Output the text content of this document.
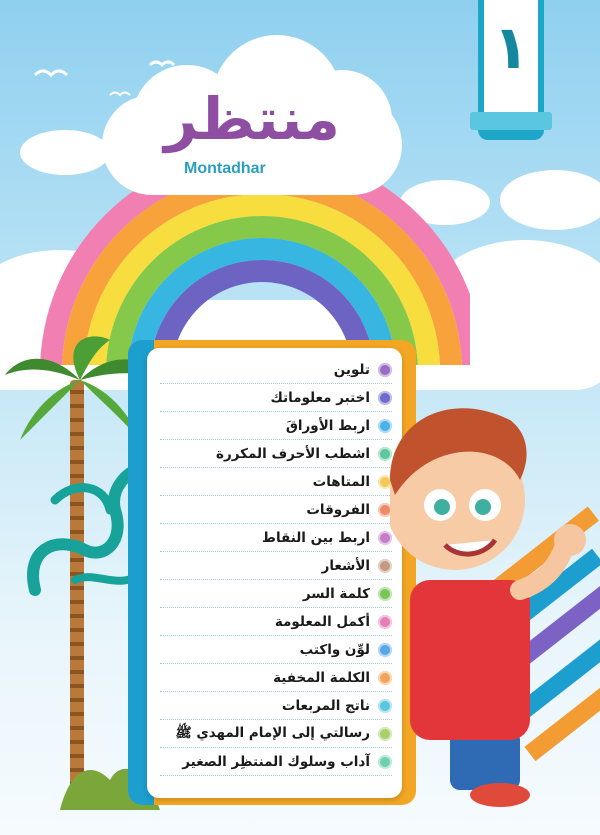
منتظر
Montadhar
١
تلوين
اختبر معلوماتك
اربط الأوراقَ
اشطب الأحرف المكررة
المتاهات
الفروقات
اربط بين النقاط
الأشعار
كلمة السر
أكمل المعلومة
لوِّن واكتب
الكلمة المخفية
ناتج المربعات
رسالتي إلى الإمام المهدي ﷺ
آداب وسلوك المنتظِر الصغير
